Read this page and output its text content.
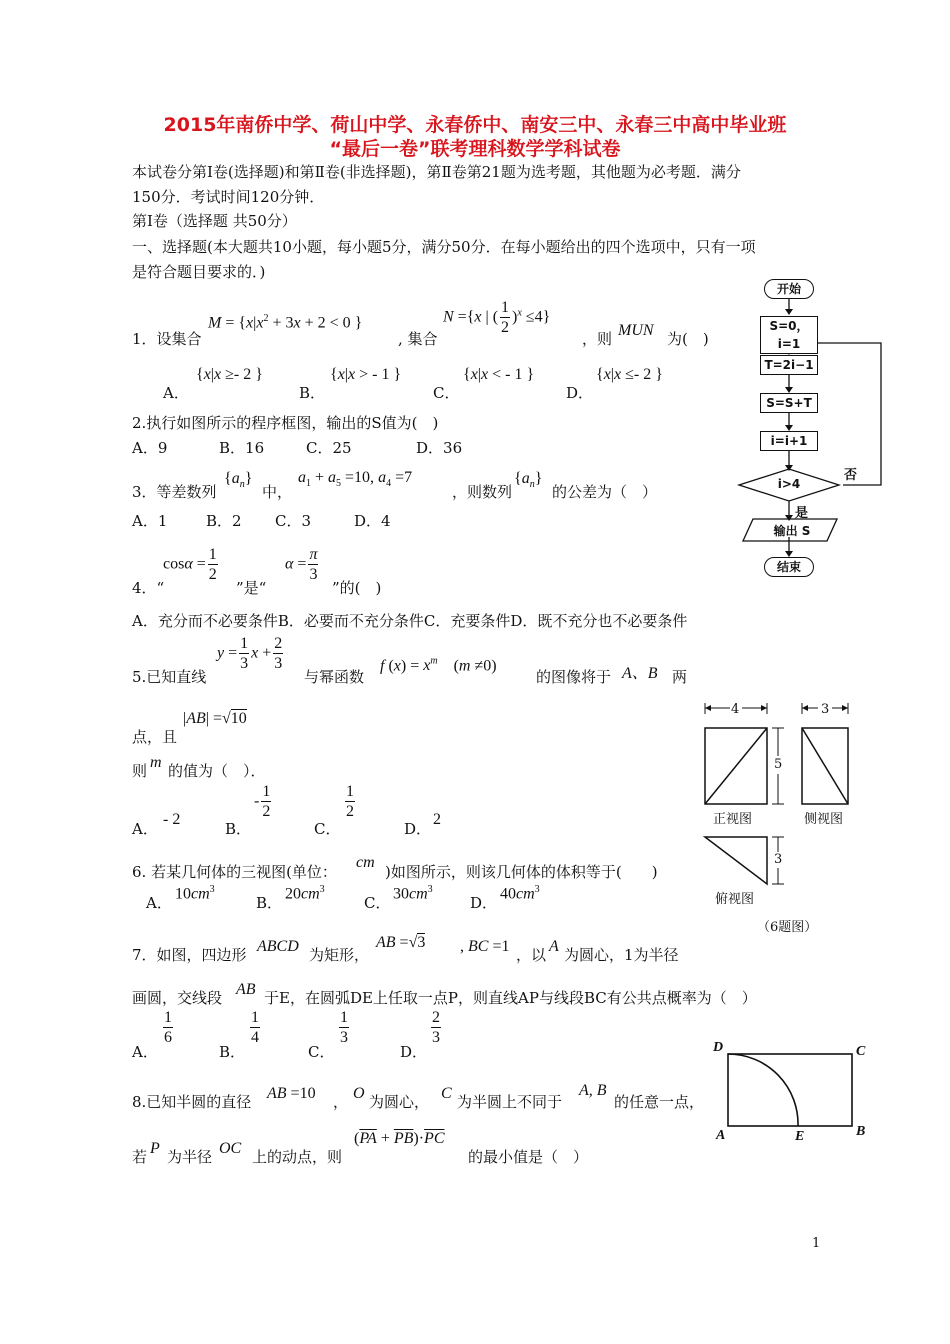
2015年南侨中学、荷山中学、永春侨中、南安三中、永春三中高中毕业班
“最后一卷”联考理科数学学科试卷
本试卷分第Ⅰ卷(选择题)和第Ⅱ卷(非选择题)，第Ⅱ卷第21题为选考题，其他题为必考题．满分
150分．考试时间120分钟．
第Ⅰ卷（选择题 共50分）
一、选择题(本大题共10小题，每小题5分，满分50分．在每小题给出的四个选项中，只有一项
是符合题目要求的．)
1．设集合
$M = \{x|x^2 + 3x + 2 < 0$ }
, 集合
N ={x | ( $\frac{1}{2} )^x \le 4$}
，则 MUN 为(　)
A．
{x|x ≥- 2 }
B．
{x|x > - 1 }
C．
{x|x < - 1 }
D．
{x|x ≤- 2 }
2.执行如图所示的程序框图，输出的S值为(　)
A．9	B．16	C．25	D．36
3．等差数列
$\{a_n\}$
中，
$a_1 + a_5 =10$, $a_4 =7$
，则数列
$\{a_n\}$
的公差为（　）
A．1	B．2 C．3	D．4
4．“
$\cos\alpha = \frac{1}{2}$
”是“
$\alpha = \frac{\pi}{3}$
”的(　)
A．充分而不必要条件B．必要而不充分条件C．充要条件D．既不充分也不必要条件
5.已知直线
$y = \frac{1}{3}$ $x + \frac{2}{3}$
与幂函数
f $(x) = x^m$    (m ≠0)
的图像将于 A、B 两
点，且
|AB| =√10
则 m 的值为（　）．
A．
- 2
B．
- $\frac{1}{2}$
C．
$\frac{1}{2}$
D．
2
6. 若某几何体的三视图(单位：
cm
)如图所示，则该几何体的体积等于(　　)
A．
$10cm^3$
B．
$20cm^3$
C．
$30cm^3$
D．
$40cm^3$
7．如图，四边形 ABCD 为矩形，
AB =√3 , BC =1 ，以 A 为圆心，1为半径
画圆，交线段 AB 于E，在圆弧DE上任取一点P，则直线AP与线段BC有公共点概率为（　）
A．
$\frac{1}{6}$
B．
$\frac{1}{4}$
C．
$\frac{1}{3}$
D．
$\frac{2}{3}$
8.已知半圆的直径 AB =10 ， O 为圆心， C 为半圆上不同于
A, B
的任意一点，
若 P 为半径 OC 上的动点，则
$(\overline{PA} + \overline{PB})\cdot\overline{PC}$
的最小值是（　）
开始
S=0，i=1
T=2i−1
S=S+T
i=i+1
i>4
否
是
输出 S
结束
4	3
5
3
正视图	侧视图
俯视图
（6题图）
D	C
A	E	B
1
